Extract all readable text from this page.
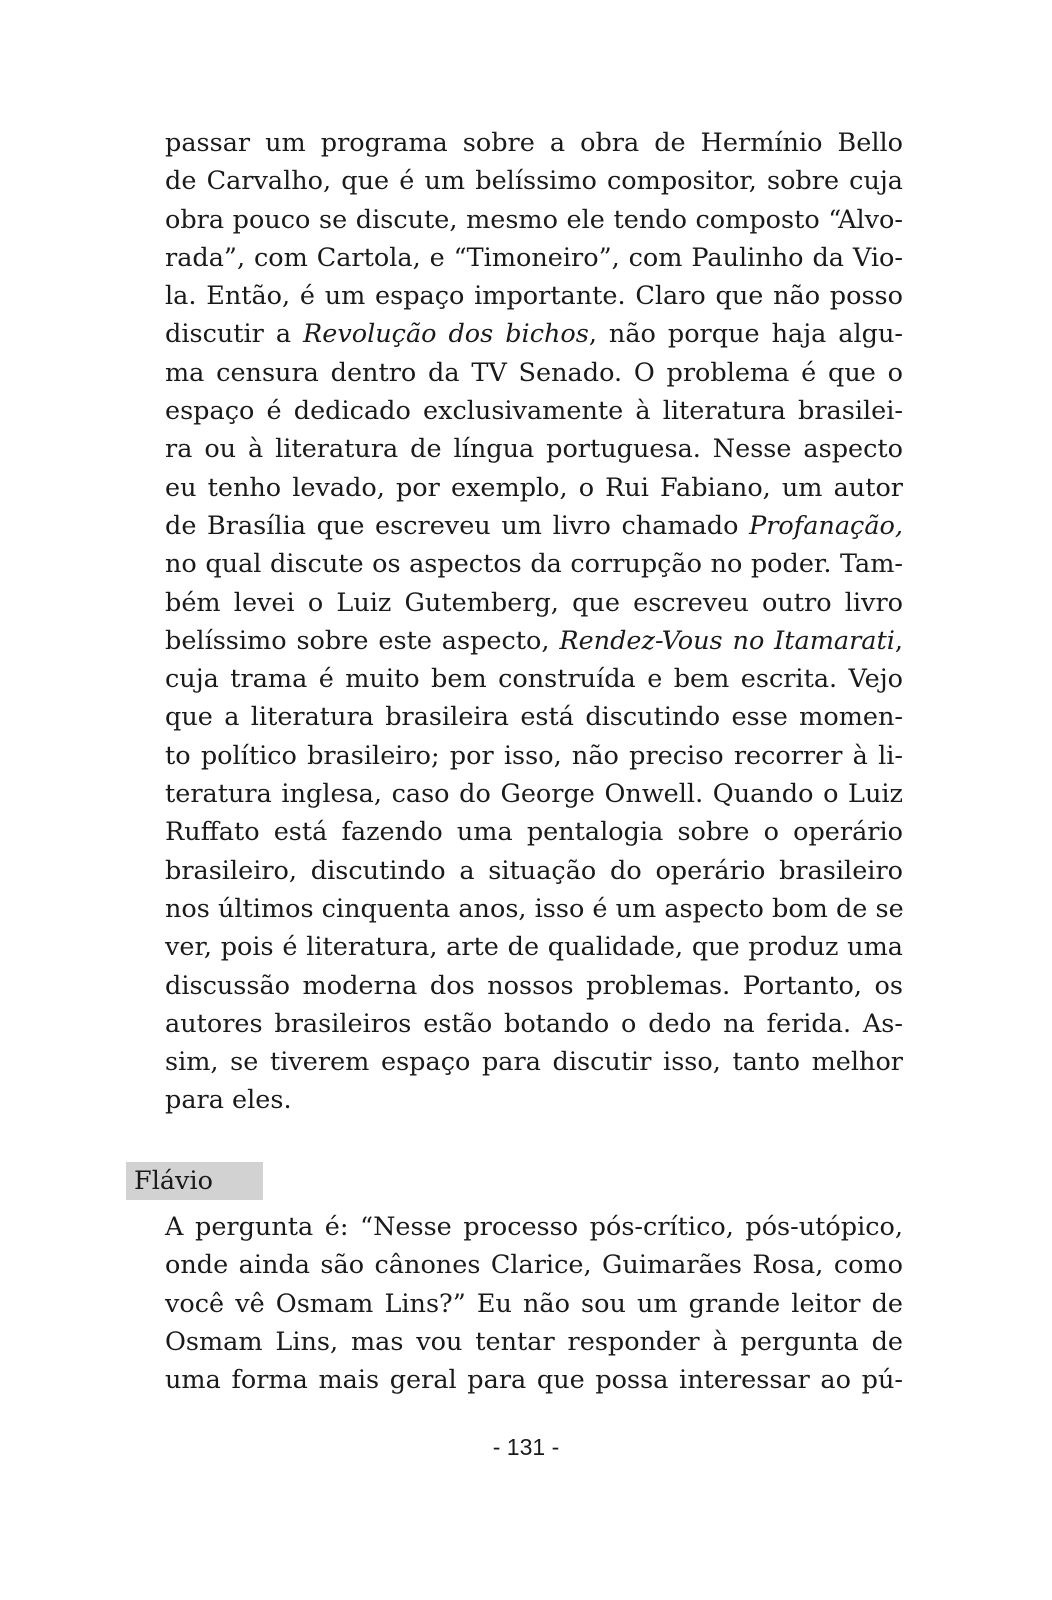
passar um programa sobre a obra de Hermínio Bello
de Carvalho, que é um belíssimo compositor, sobre cuja
obra pouco se discute, mesmo ele tendo composto “Alvo-
rada”, com Cartola, e “Timoneiro”, com Paulinho da Vio-
la. Então, é um espaço importante. Claro que não posso
discutir a Revolução dos bichos, não porque haja algu-
ma censura dentro da TV Senado. O problema é que o
espaço é dedicado exclusivamente à literatura brasilei-
ra ou à literatura de língua portuguesa. Nesse aspecto
eu tenho levado, por exemplo, o Rui Fabiano, um autor
de Brasília que escreveu um livro chamado Profanação,
no qual discute os aspectos da corrupção no poder. Tam-
bém levei o Luiz Gutemberg, que escreveu outro livro
belíssimo sobre este aspecto, Rendez-Vous no Itamarati,
cuja trama é muito bem construída e bem escrita. Vejo
que a literatura brasileira está discutindo esse momen-
to político brasileiro; por isso, não preciso recorrer à li-
teratura inglesa, caso do George Onwell. Quando o Luiz
Ruffato está fazendo uma pentalogia sobre o operário
brasileiro, discutindo a situação do operário brasileiro
nos últimos cinquenta anos, isso é um aspecto bom de se
ver, pois é literatura, arte de qualidade, que produz uma
discussão moderna dos nossos problemas. Portanto, os
autores brasileiros estão botando o dedo na ferida. As-
sim, se tiverem espaço para discutir isso, tanto melhor
para eles.
Flávio
A pergunta é: “Nesse processo pós-crítico, pós-utópico,
onde ainda são cânones Clarice, Guimarães Rosa, como
você vê Osmam Lins?” Eu não sou um grande leitor de
Osmam Lins, mas vou tentar responder à pergunta de
uma forma mais geral para que possa interessar ao pú-
- 131 -
